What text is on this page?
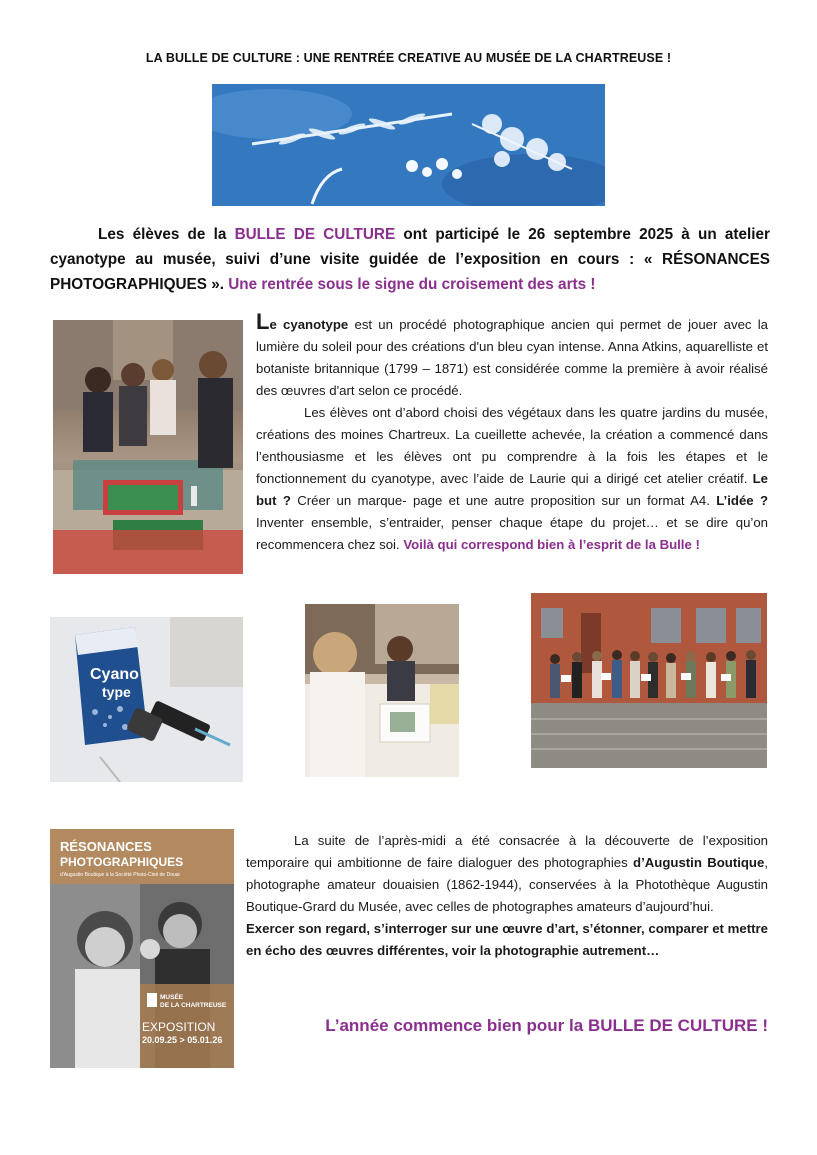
LA BULLE DE CULTURE : UNE RENTRÉE CREATIVE AU MUSÉE DE LA CHARTREUSE !
Les élèves de la BULLE DE CULTURE ont participé le 26 septembre 2025 à un atelier cyanotype au musée, suivi d’une visite guidée de l’exposition en cours : « RÉSONANCES PHOTOGRAPHIQUES ». Une rentrée sous le signe du croisement des arts !
Le cyanotype est un procédé photographique ancien qui permet de jouer avec la lumière du soleil pour des créations d'un bleu cyan intense. Anna Atkins, aquarelliste et botaniste britannique (1799 – 1871) est considérée comme la première à avoir réalisé des œuvres d'art selon ce procédé.
Les élèves ont d’abord choisi des végétaux dans les quatre jardins du musée, créations des moines Chartreux. La cueillette achevée, la création a commencé dans l’enthousiasme et les élèves ont pu comprendre à la fois les étapes et le fonctionnement du cyanotype, avec l’aide de Laurie qui a dirigé cet atelier créatif. Le but ? Créer un marque- page et une autre proposition sur un format A4. L’idée ? Inventer ensemble, s’entraider, penser chaque étape du projet… et se dire qu’on recommencera chez soi. Voilà qui correspond bien à l’esprit de la Bulle !
Cyano
type
La suite de l’après-midi a été consacrée à la découverte de l’exposition temporaire qui ambitionne de faire dialoguer des photographies d’Augustin Boutique, photographe amateur douaisien (1862-1944), conservées à la Photothèque Augustin Boutique-Grard du Musée, avec celles de photographes amateurs d’aujourd’hui.
Exercer son regard, s’interroger sur une œuvre d’art, s’étonner, comparer et mettre en écho des œuvres différentes, voir la photographie autrement…
RÉSONANCES
PHOTOGRAPHIQUES
d'Augustin Boutique à la Société Photo-Ciné de Douai
MUSÉE
DE LA CHARTREUSE
EXPOSITION
20.09.25 > 05.01.26
L’année commence bien pour la BULLE DE CULTURE !
